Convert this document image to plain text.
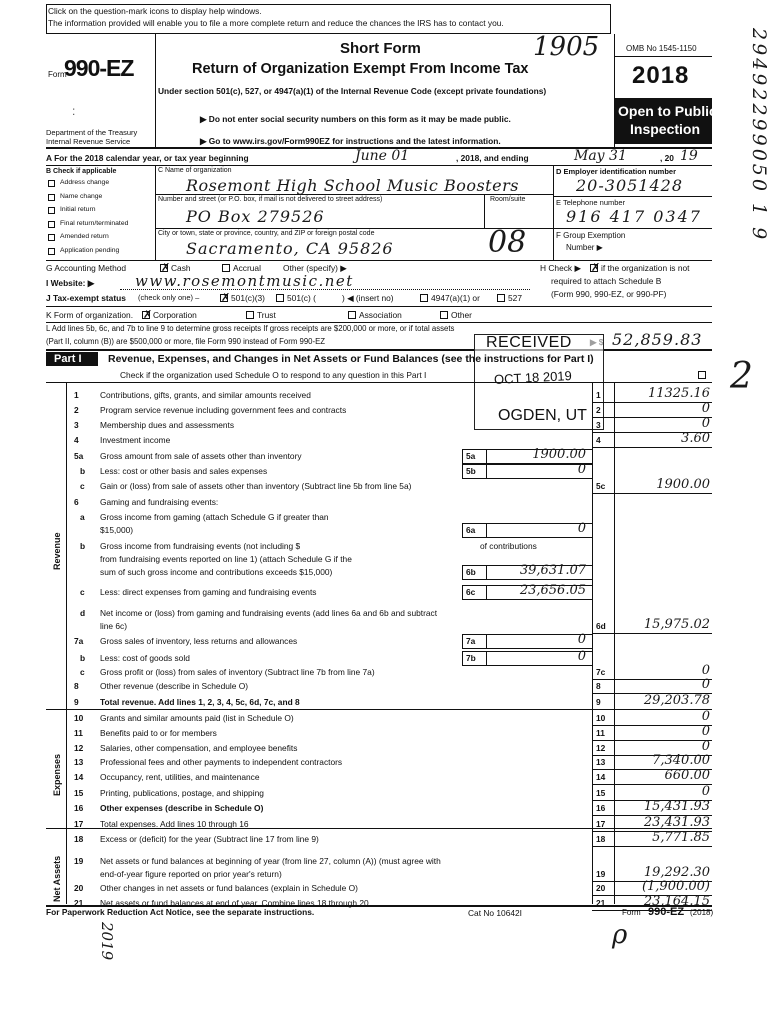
Click on the question-mark icons to display help windows.
The information provided will enable you to file a more complete return and reduce the chances the IRS has to contact you.
Form
990-EZ
:
Department of the Treasury
Internal Revenue Service
Short Form	1905
Return of Organization Exempt From Income Tax
Under section 501(c), 527, or 4947(a)(1) of the Internal Revenue Code (except private foundations)
▶ Do not enter social security numbers on this form as it may be made public.
▶ Go to www.irs.gov/Form990EZ for instructions and the latest information.
OMB No 1545-1150
2018
Open to Public
Inspection	29492299050 1 9
A For the 2018 calendar year, or tax year beginning	June 01	, 2018, and ending	May 31	, 20 19
B Check if applicable
Address change
Name change
Initial return
Final return/terminated
Amended return
Application pending
C Name of organization
Rosemont High School Music Boosters
Number and street (or P.O. box, if mail is not delivered to street address)	Room/suite
PO Box 279526
City or town, state or province, country, and ZIP or foreign postal code
Sacramento, CA 95826	08
D Employer identification number
20-3051428
E Telephone number
916 417 0347
F Group Exemption
Number ▶
G Accounting Method	✗ Cash	Accrual	Other (specify) ▶	H Check ▶ ✗ if the organization is not
required to attach Schedule B
(Form 990, 990-EZ, or 990-PF)
I Website: ▶	www.rosemontmusic.net
J Tax-exempt status (check only one) – ✗ 501(c)(3)	501(c) (	) ◀ (insert no)	4947(a)(1) or	527
K Form of organization. ✗ Corporation	Trust	Association	Other
L Add lines 5b, 6c, and 7b to line 9 to determine gross receipts If gross receipts are $200,000 or more, or if total assets
(Part II, column (B)) are $500,000 or more, file Form 990 instead of Form 990-EZ	52,859.83
RECEIVED
OCT 18 2019
OGDEN, UT
2
Part I	Revenue, Expenses, and Changes in Net Assets or Fund Balances (see the instructions for Part I)
Check if the organization used Schedule O to respond to any question in this Part I
1	Contributions, gifts, grants, and similar amounts received	1	11325.16
2	Program service revenue including government fees and contracts	2	0
3	Membership dues and assessments	3	0
4	Investment income	4	3.60
5a Gross amount from sale of assets other than inventory	5a	1900.00
b Less: cost or other basis and sales expenses	5b	0
c Gain or (loss) from sale of assets other than inventory (Subtract line 5b from line 5a)	5c	1900.00
6	Gaming and fundraising events:
a Gross income from gaming (attach Schedule G if greater than
$15,000)	6a	0
b Gross income from fundraising events (not including $
from fundraising events reported on line 1) (attach Schedule G if the
sum of such gross income and contributions exceeds $15,000)
of contributions
6b	39,631.07
c Less: direct expenses from gaming and fundraising events	6c	23,656.05
d Net income or (loss) from gaming and fundraising events (add lines 6a and 6b and subtract
line 6c)	6d	15,975.02
7a Gross sales of inventory, less returns and allowances	7a	0
b Less: cost of goods sold	7b	0
c Gross profit or (loss) from sales of inventory (Subtract line 7b from line 7a)	7c	0
8	Other revenue (describe in Schedule O)	8	0
9	Total revenue. Add lines 1, 2, 3, 4, 5c, 6d, 7c, and 8	9	29,203.78
10 Grants and similar amounts paid (list in Schedule O)	10	0
11 Benefits paid to or for members	11	0
12 Salaries, other compensation, and employee benefits	12	0
13 Professional fees and other payments to independent contractors	13	7,340.00
14 Occupancy, rent, utilities, and maintenance	14	660.00
15 Printing, publications, postage, and shipping	15	0
16 Other expenses (describe in Schedule O)	16	15,431.93
17 Total expenses. Add lines 10 through 16	17	23,431.93
18 Excess or (deficit) for the year (Subtract line 17 from line 9)	18	5,771.85
19 Net assets or fund balances at beginning of year (from line 27, column (A)) (must agree with
end-of-year figure reported on prior year's return)	19	19,292.30
20 Other changes in net assets or fund balances (explain in Schedule O)	20	(1,900.00)
21 Net assets or fund balances at end of year. Combine lines 18 through 20	21	23,164.15
Revenue
Expenses
Net Assets
For Paperwork Reduction Act Notice, see the separate instructions.	Cat No 10642I	Form 990-EZ (2018)
2019	ρ
